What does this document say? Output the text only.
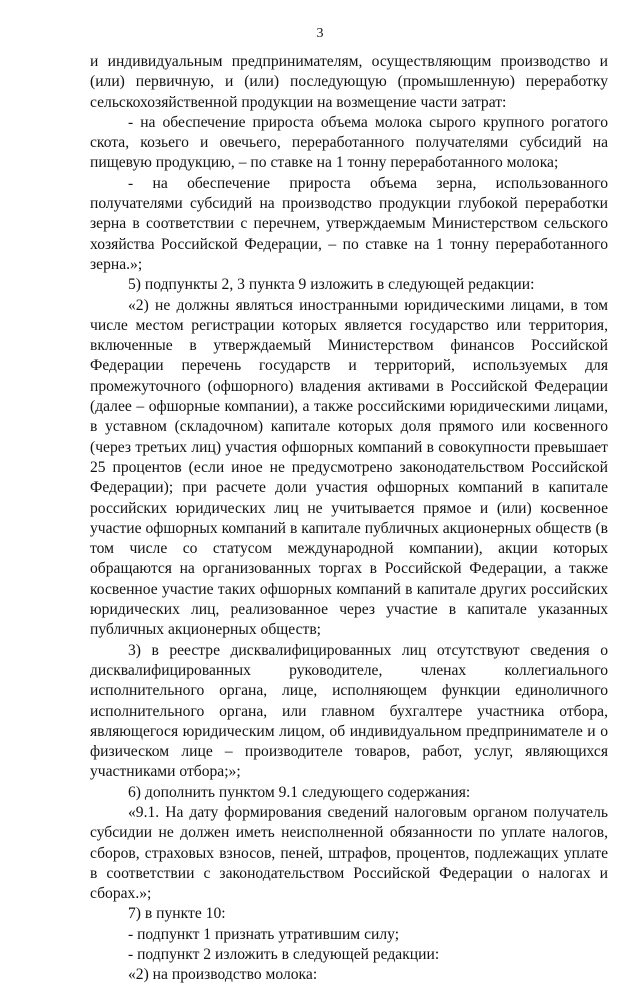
3

и индивидуальным предпринимателям, осуществляющим производство и (или) первичную, и (или) последующую (промышленную) переработку сельскохозяйственной продукции на возмещение части затрат:

- на обеспечение прироста объема молока сырого крупного рогатого скота, козьего и овечьего, переработанного получателями субсидий на пищевую продукцию, – по ставке на 1 тонну переработанного молока;

- на обеспечение прироста объема зерна, использованного получателями субсидий на производство продукции глубокой переработки зерна в соответствии с перечнем, утверждаемым Министерством сельского хозяйства Российской Федерации, – по ставке на 1 тонну переработанного зерна.»;

5) подпункты 2, 3 пункта 9 изложить в следующей редакции:

«2) не должны являться иностранными юридическими лицами, в том числе местом регистрации которых является государство или территория, включенные в утверждаемый Министерством финансов Российской Федерации перечень государств и территорий, используемых для промежуточного (офшорного) владения активами в Российской Федерации (далее – офшорные компании), а также российскими юридическими лицами, в уставном (складочном) капитале которых доля прямого или косвенного (через третьих лиц) участия офшорных компаний в совокупности превышает 25 процентов (если иное не предусмотрено законодательством Российской Федерации); при расчете доли участия офшорных компаний в капитале российских юридических лиц не учитывается прямое и (или) косвенное участие офшорных компаний в капитале публичных акционерных обществ (в том числе со статусом международной компании), акции которых обращаются на организованных торгах в Российской Федерации, а также косвенное участие таких офшорных компаний в капитале других российских юридических лиц, реализованное через участие в капитале указанных публичных акционерных обществ;

3) в реестре дисквалифицированных лиц отсутствуют сведения о дисквалифицированных руководителе, членах коллегиального исполнительного органа, лице, исполняющем функции единоличного исполнительного органа, или главном бухгалтере участника отбора, являющегося юридическим лицом, об индивидуальном предпринимателе и о физическом лице – производителе товаров, работ, услуг, являющихся участниками отбора;»;

6) дополнить пунктом 9.1 следующего содержания:

«9.1. На дату формирования сведений налоговым органом получатель субсидии не должен иметь неисполненной обязанности по уплате налогов, сборов, страховых взносов, пеней, штрафов, процентов, подлежащих уплате в соответствии с законодательством Российской Федерации о налогах и сборах.»;

7) в пункте 10:

- подпункт 1 признать утратившим силу;

- подпункт 2 изложить в следующей редакции:

«2) на производство молока:
